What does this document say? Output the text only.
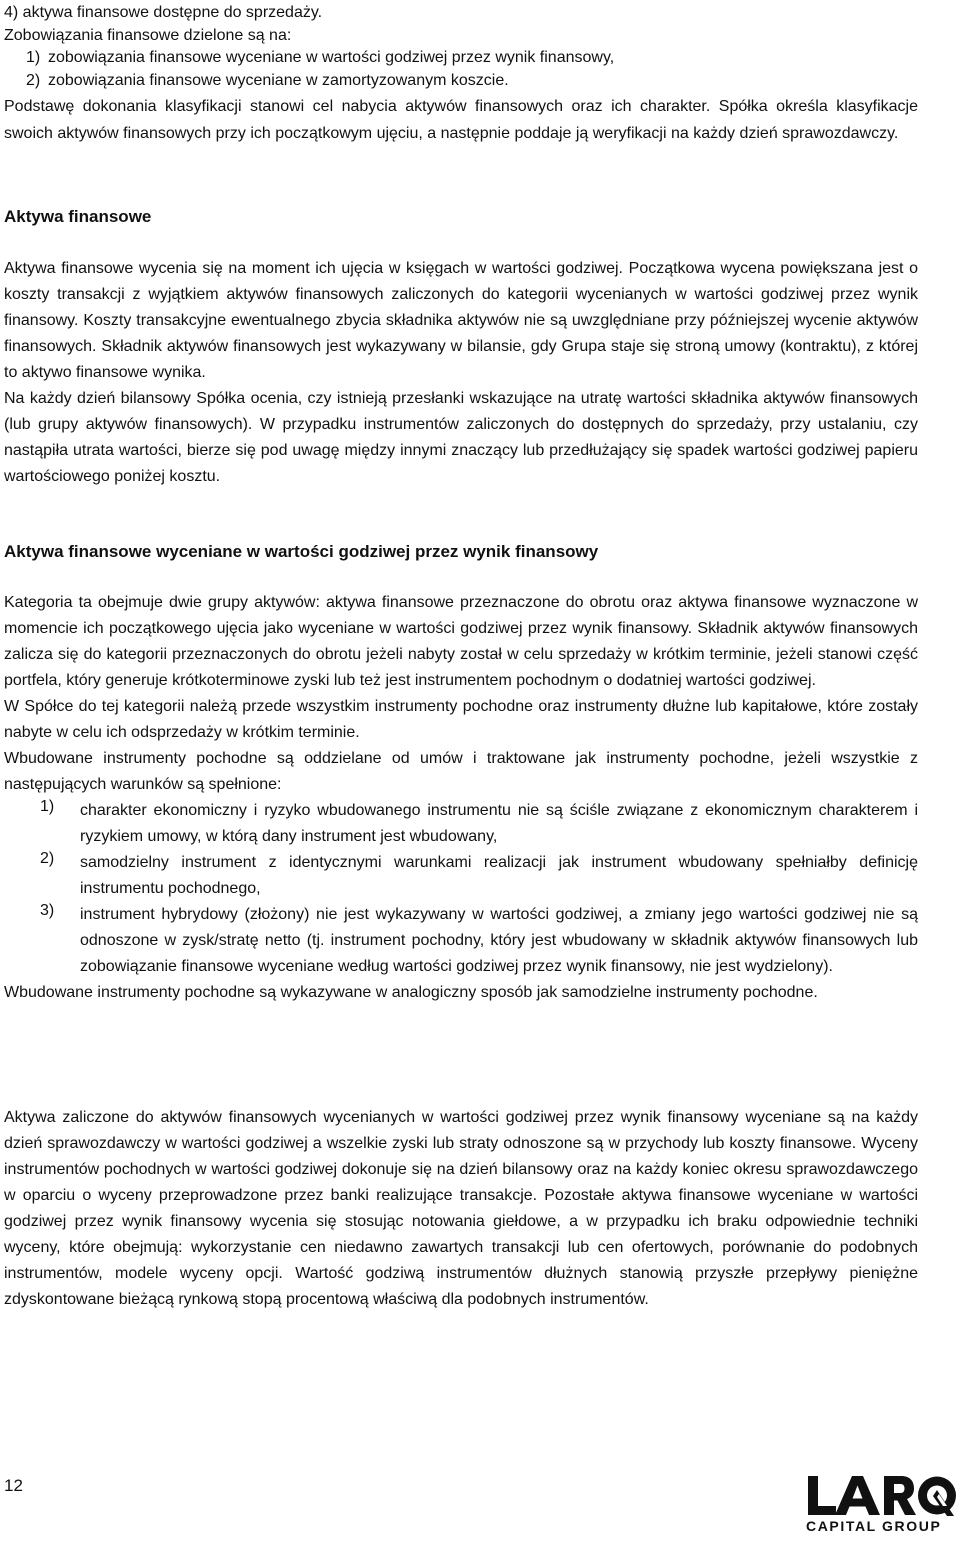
4) aktywa finansowe dostępne do sprzedaży.
Zobowiązania finansowe dzielone są na:
1) zobowiązania finansowe wyceniane w wartości godziwej przez wynik finansowy,
2) zobowiązania finansowe wyceniane w zamortyzowanym koszcie.

Podstawę dokonania klasyfikacji stanowi cel nabycia aktywów finansowych oraz ich charakter. Spółka określa klasyfikacje swoich aktywów finansowych przy ich początkowym ujęciu, a następnie poddaje ją weryfikacji na każdy dzień sprawozdawczy.

Aktywa finansowe

Aktywa finansowe wycenia się na moment ich ujęcia w księgach w wartości godziwej. Początkowa wycena powiększana jest o koszty transakcji z wyjątkiem aktywów finansowych zaliczonych do kategorii wycenianych w wartości godziwej przez wynik finansowy. Koszty transakcyjne ewentualnego zbycia składnika aktywów nie są uwzględniane przy późniejszej wycenie aktywów finansowych. Składnik aktywów finansowych jest wykazywany w bilansie, gdy Grupa staje się stroną umowy (kontraktu), z której to aktywo finansowe wynika.

Na każdy dzień bilansowy Spółka ocenia, czy istnieją przesłanki wskazujące na utratę wartości składnika aktywów finansowych (lub grupy aktywów finansowych). W przypadku instrumentów zaliczonych do dostępnych do sprzedaży, przy ustalaniu, czy nastąpiła utrata wartości, bierze się pod uwagę między innymi znaczący lub przedłużający się spadek wartości godziwej papieru wartościowego poniżej kosztu.

Aktywa finansowe wyceniane w wartości godziwej przez wynik finansowy

Kategoria ta obejmuje dwie grupy aktywów: aktywa finansowe przeznaczone do obrotu oraz aktywa finansowe wyznaczone w momencie ich początkowego ujęcia jako wyceniane w wartości godziwej przez wynik finansowy. Składnik aktywów finansowych zalicza się do kategorii przeznaczonych do obrotu jeżeli nabyty został w celu sprzedaży w krótkim terminie, jeżeli stanowi część portfela, który generuje krótkoterminowe zyski lub też jest instrumentem pochodnym o dodatniej wartości godziwej.

W Spółce do tej kategorii należą przede wszystkim instrumenty pochodne oraz instrumenty dłużne lub kapitałowe, które zostały nabyte w celu ich odsprzedaży w krótkim terminie.

Wbudowane instrumenty pochodne są oddzielane od umów i traktowane jak instrumenty pochodne, jeżeli wszystkie z następujących warunków są spełnione:

1)	charakter ekonomiczny i ryzyko wbudowanego instrumentu nie są ściśle związane z ekonomicznym charakterem i ryzykiem umowy, w którą dany instrument jest wbudowany,
2)	samodzielny instrument z identycznymi warunkami realizacji jak instrument wbudowany spełniałby definicję instrumentu pochodnego,
3)	instrument hybrydowy (złożony) nie jest wykazywany w wartości godziwej, a zmiany jego wartości godziwej nie są odnoszone w zysk/stratę netto (tj. instrument pochodny, który jest wbudowany w składnik aktywów finansowych lub zobowiązanie finansowe wyceniane według wartości godziwej przez wynik finansowy, nie jest wydzielony).

Wbudowane instrumenty pochodne są wykazywane w analogiczny sposób jak samodzielne instrumenty pochodne.

Aktywa zaliczone do aktywów finansowych wycenianych w wartości godziwej przez wynik finansowy wyceniane są na każdy dzień sprawozdawczy w wartości godziwej a wszelkie zyski lub straty odnoszone są w przychody lub koszty finansowe. Wyceny instrumentów pochodnych w wartości godziwej dokonuje się na dzień bilansowy oraz na każdy koniec okresu sprawozdawczego w oparciu o wyceny przeprowadzone przez banki realizujące transakcje. Pozostałe aktywa finansowe wyceniane w wartości godziwej przez wynik finansowy wycenia się stosując notowania giełdowe, a w przypadku ich braku odpowiednie techniki wyceny, które obejmują: wykorzystanie cen niedawno zawartych transakcji lub cen ofertowych, porównanie do podobnych instrumentów, modele wyceny opcji. Wartość godziwą instrumentów dłużnych stanowią przyszłe przepływy pieniężne zdyskontowane bieżącą rynkową stopą procentową właściwą dla podobnych instrumentów.

12
CAPITAL GROUP
